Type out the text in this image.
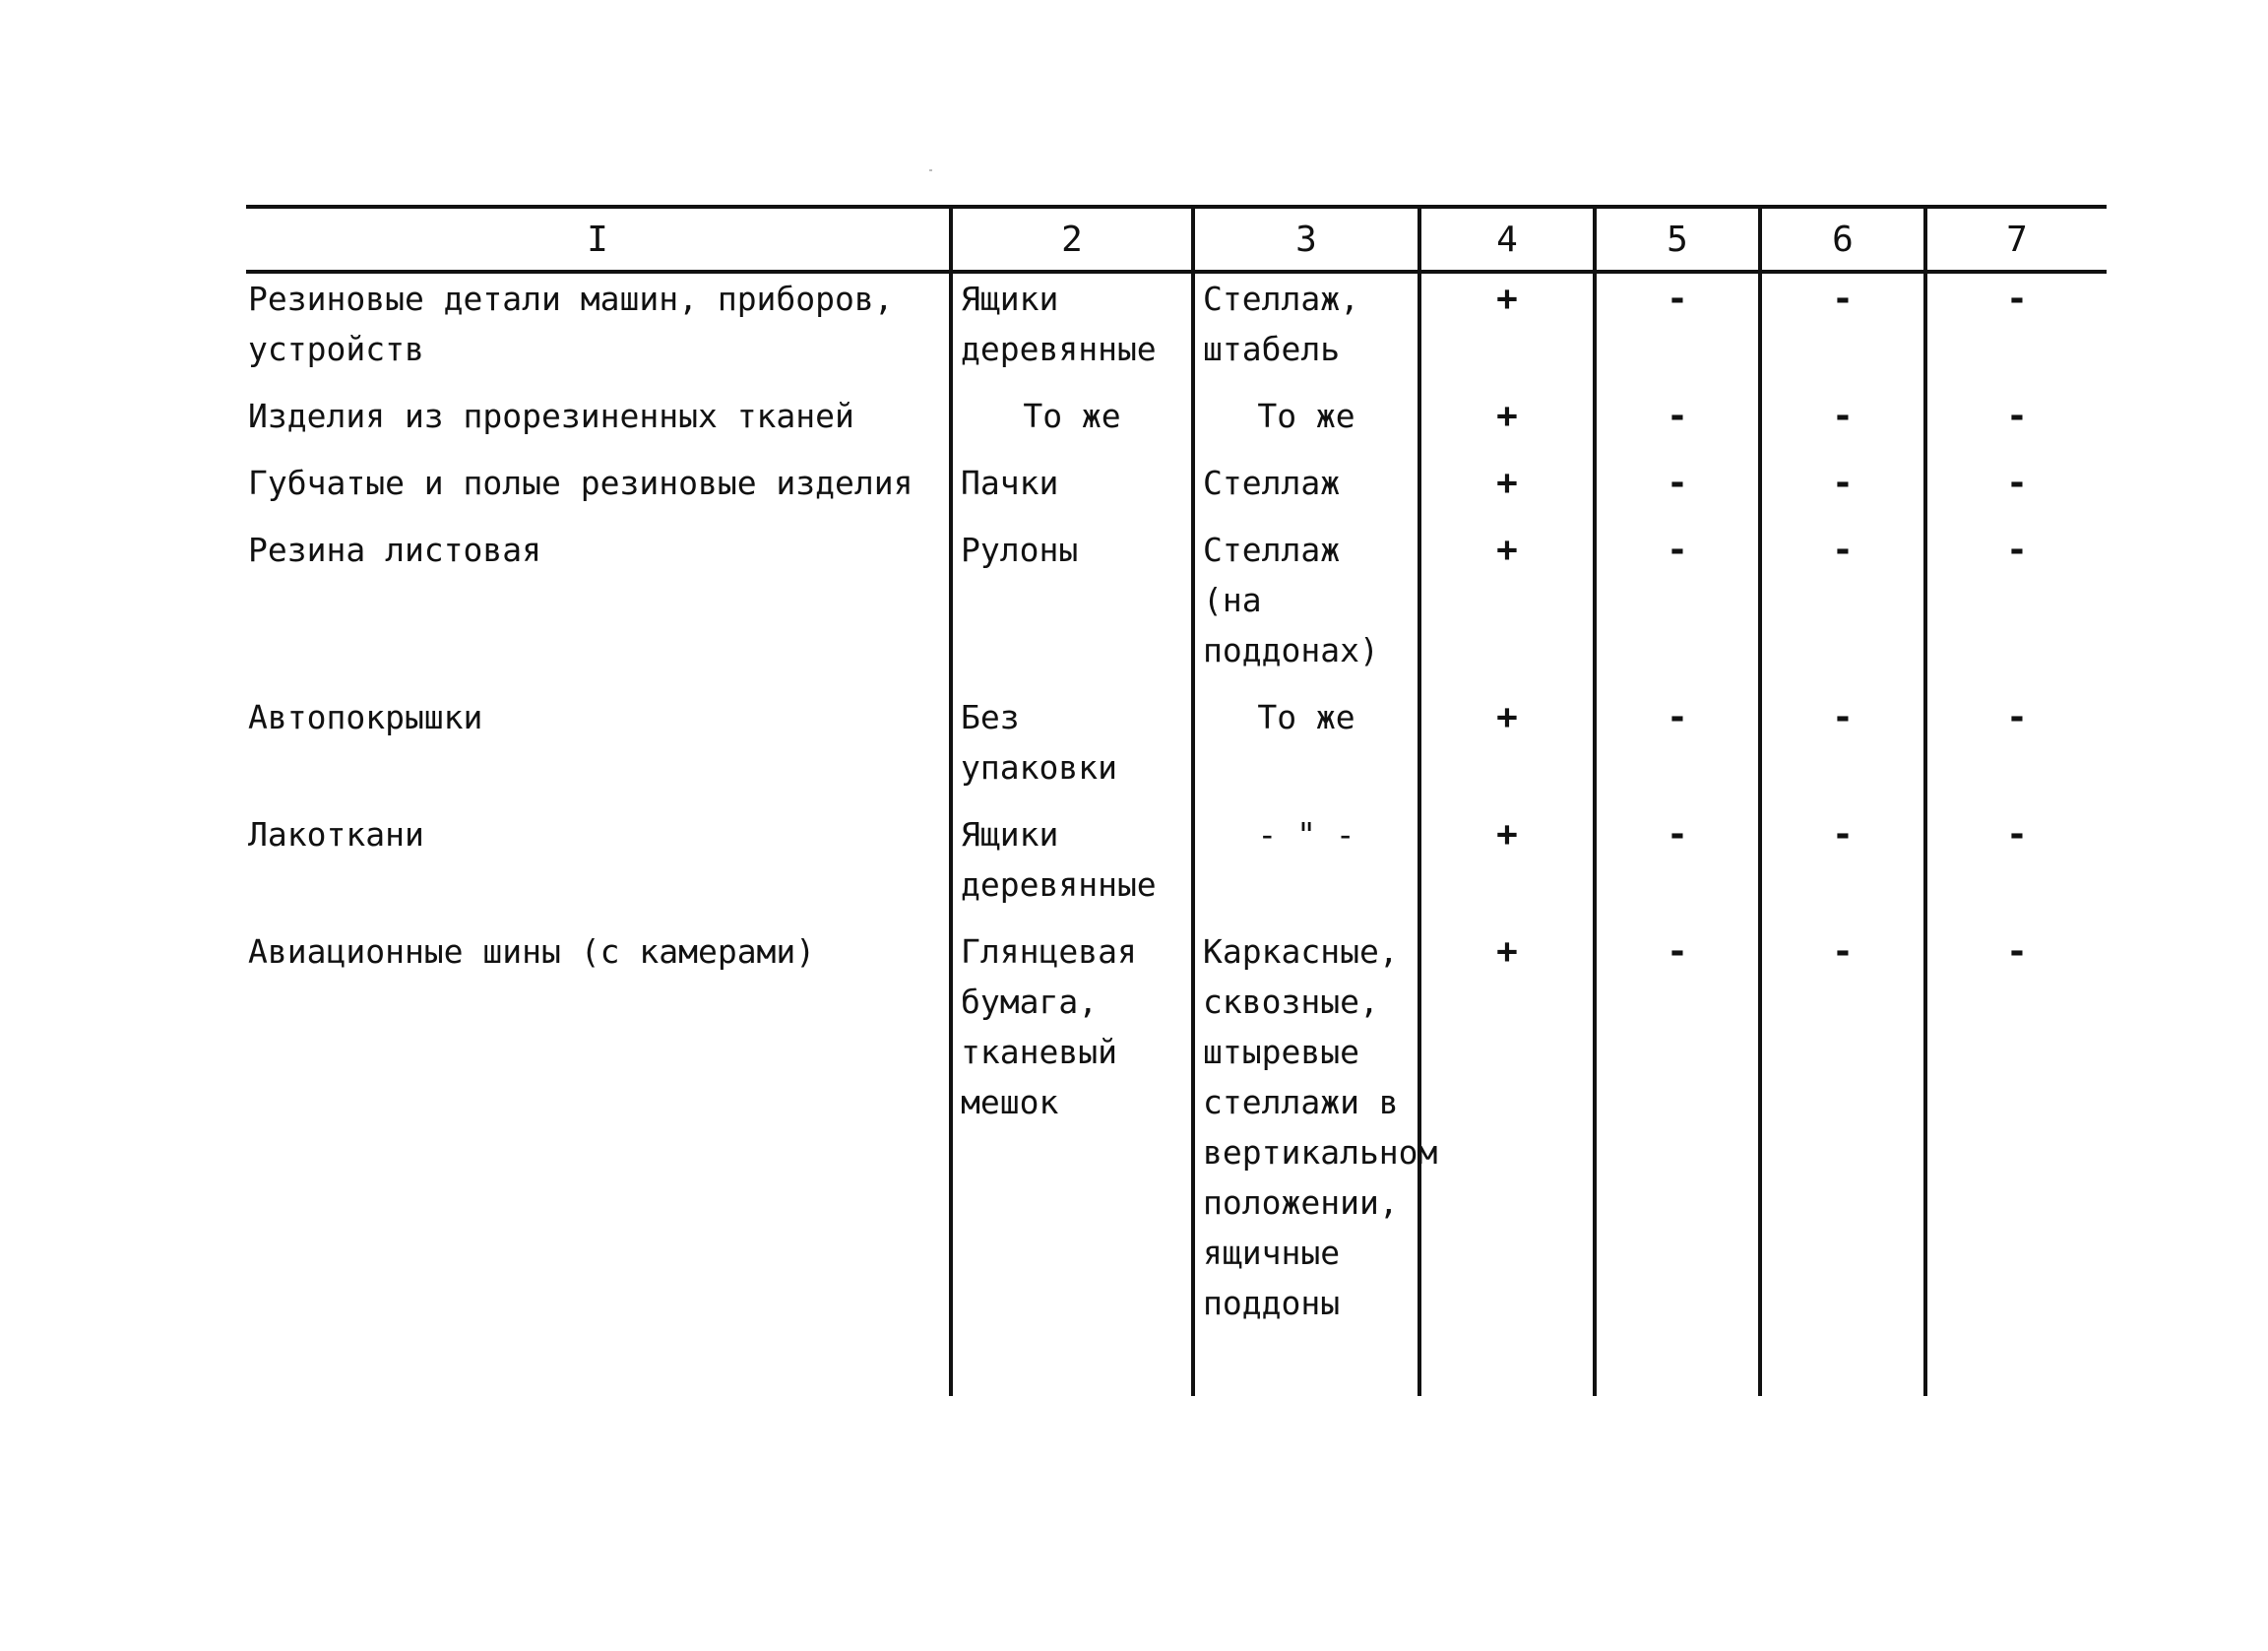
I	2	3	4	5	6	7
Резиновые детали машин, приборов, устройств	Ящики деревянные	Стеллаж, штабель	+	-	-	-
Изделия из прорезиненных тканей	То же	То же	+	-	-	-
Губчатые и полые резиновые изделия	Пачки	Стеллаж	+	-	-	-
Резина листовая	Рулоны	Стеллаж (на поддонах)	+	-	-	-
Автопокрышки	Без упаковки	То же	+	-	-	-
Лакоткани	Ящики деревянные	- " -	+	-	-	-
Авиационные шины (с камерами)	Глянцевая бумага, тканевый мешок	Каркасные, сквозные, штыревые стеллажи в вертикальном положении, ящичные поддоны	+	-	-	-
